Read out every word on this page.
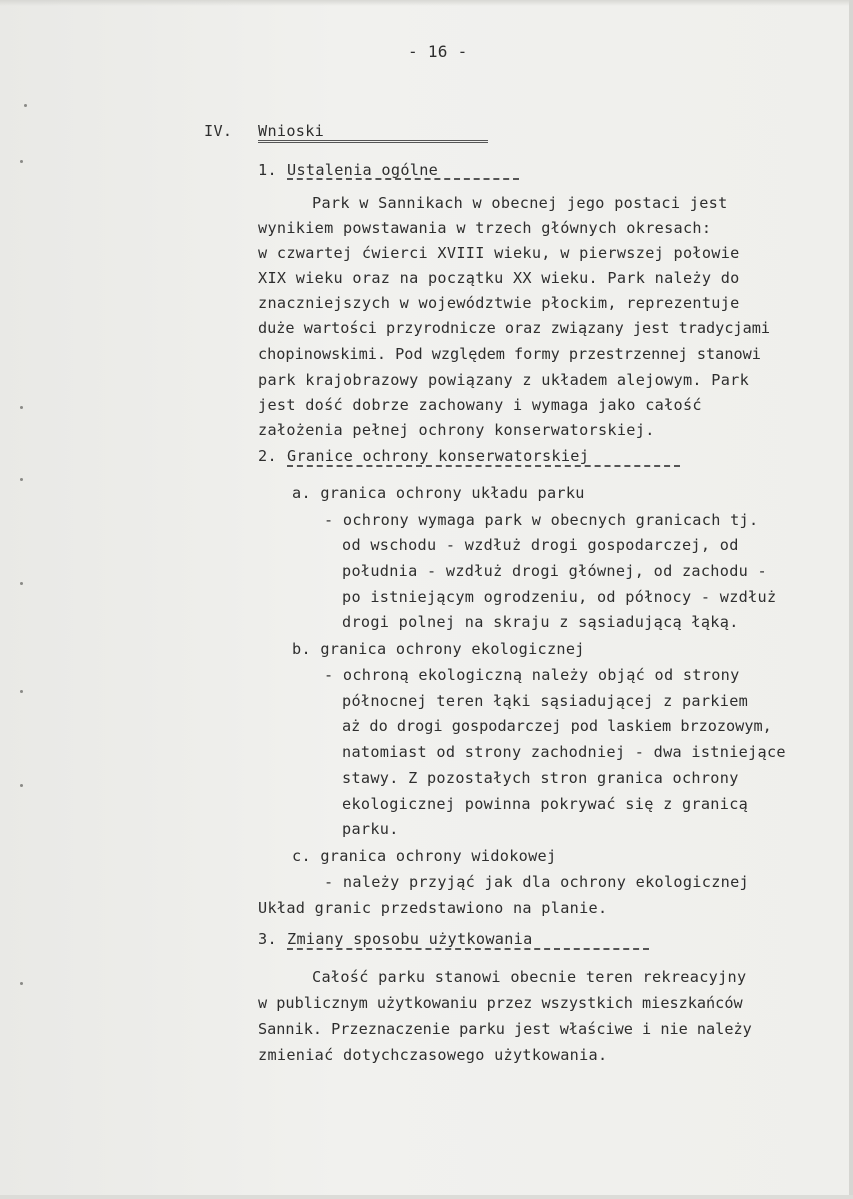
- 16 -
IV. Wnioski
1. Ustalenia ogólne
Park w Sannikach w obecnej jego postaci jest
wynikiem powstawania w trzech głównych okresach:
w czwartej ćwierci XVIII wieku, w pierwszej połowie
XIX wieku oraz na początku XX wieku. Park należy do
znaczniejszych w województwie płockim, reprezentuje
duże wartości przyrodnicze oraz związany jest tradycjami
chopinowskimi. Pod względem formy przestrzennej stanowi
park krajobrazowy powiązany z układem alejowym. Park
jest dość dobrze zachowany i wymaga jako całość
założenia pełnej ochrony konserwatorskiej.
2. Granice ochrony konserwatorskiej
a. granica ochrony układu parku
- ochrony wymaga park w obecnych granicach tj.
od wschodu - wzdłuż drogi gospodarczej, od
południa - wzdłuż drogi głównej, od zachodu -
po istniejącym ogrodzeniu, od północy - wzdłuż
drogi polnej na skraju z sąsiadującą łąką.
b. granica ochrony ekologicznej
- ochroną ekologiczną należy objąć od strony
północnej teren łąki sąsiadującej z parkiem
aż do drogi gospodarczej pod laskiem brzozowym,
natomiast od strony zachodniej - dwa istniejące
stawy. Z pozostałych stron granica ochrony
ekologicznej powinna pokrywać się z granicą
parku.
c. granica ochrony widokowej
- należy przyjąć jak dla ochrony ekologicznej
Układ granic przedstawiono na planie.
3. Zmiany sposobu użytkowania
Całość parku stanowi obecnie teren rekreacyjny
w publicznym użytkowaniu przez wszystkich mieszkańców
Sannik. Przeznaczenie parku jest właściwe i nie należy
zmieniać dotychczasowego użytkowania.
